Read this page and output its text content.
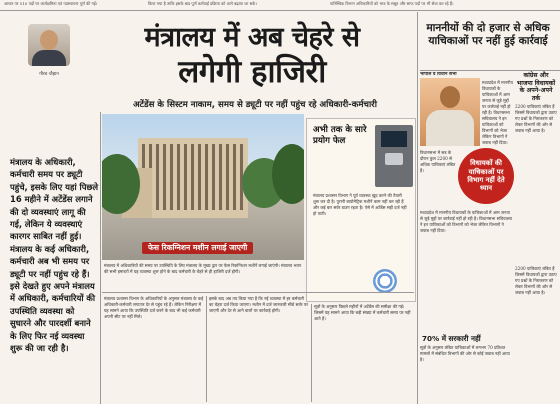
आधार पर 510 पदों पर कार्यक्षमिता एवं पदस्थापना पूर्ण की गई।	किया गया है ताकि इसके बाद पूर्ण कार्रवाई प्रक्रिया को आगे बढ़ाया जा सके।	पारिस्थिक विभाग अधिकारियों को भाव के सबूत और साफ पदों पर भी सेवा कर रहे हैं।
गौरव चौहान
मंत्रालय में अब चेहरे से
लगेगी हाजिरी
अटेंडेंस के सिस्टम नाकाम, समय से ड्यूटी पर नहीं पहुंच रहे अधिकारी-कर्मचारी
मंत्रालय के अधिकारी, कर्मचारी समय पर ड्यूटी पहुंचे, इसके लिए यहां पिछले 16 महीने में अटेंडेंस लगाने की दो व्यवस्थाएं लागू की गई, लेकिन ये व्यवस्थाएं कारगर साबित नहीं हुई। मंत्रालय के कई अधिकारी, कर्मचारी अब भी समय पर ड्यूटी पर नहीं पहुंच रहे हैं। इसे देखते हुए अपने मंत्रालय में अधिकारी, कर्मचारियों की उपस्थिति व्यवस्था को सुधारने और पारदर्शी बनाने के लिए फिर नई व्यवस्था शुरू की जा रही है।
फेस रिकग्निशन मशीन लगाई जाएगी
मंत्रालय में अधिकारियों की समय पर उपस्थिति के लिए मंत्रालय के मुख्य द्वार पर फेस रिकग्निशन मशीनें लगाई जाएंगी। मंत्रालय भवन की सभी इमारतों में यह व्यवस्था शुरू होने के बाद कर्मचारी के चेहरे से ही हाजिरी दर्ज होगी।
अभी तक के सारे प्रयोग फेल
मंत्रालय प्रशासन विभाग ने पूर्व व्यवस्था ख़ुद करने की तैयारी शुरू कर दी है। पुरानी बायोमेट्रिक मशीनें काम नहीं कर रही हैं और कई बार सर्वर डाउन रहता है। ऐसे में अटेंडेंस सही दर्ज नहीं हो पाती।
मंत्रालय प्रशासन विभाग के अधिकारियों के अनुसार मंत्रालय के कई अधिकारी-कर्मचारी लगातार देर से पहुंच रहे हैं। लेकिन निरीक्षण में यह सामने आया कि उपस्थिति दर्ज करने के बाद भी कई कर्मचारी अपनी सीट पर नहीं मिले।
इसके बाद अब तय किया गया है कि नई व्यवस्था में हर कर्मचारी का चेहरा दर्ज किया जाएगा। मशीन में दर्ज जानकारी सीधे सर्वर पर जाएगी और देर से आने वालों पर कार्रवाई होगी।
सूत्रों के अनुसार पिछले महीनों में अटेंडेंस की समीक्षा की गई। जिसमें यह सामने आया कि बड़ी संख्या में कर्मचारी समय पर नहीं आते हैं।
माननीयों की दो हजार से अधिक याचिकाओं पर नहीं हुई कार्रवाई
भोपाल व विधान सभा
मध्यप्रदेश में माननीय विधायकों के याचिकाओं में आम जनता से जुड़े मुद्दों पर कार्रवाई नहीं हो रही है। विधानसभा सचिवालय ने इन याचिकाओं को विभागों को भेजा लेकिन विभागों ने जवाब नहीं दिया।
कांग्रेस और भाजपा विधायकों के अपने-अपने तर्क
2200 याचिकाएं लंबित हैं जिसमें विधायकों द्वारा उठाए गए प्रश्नों के निराकरण को लेकर विभागों की ओर से जवाब नहीं आया है।
विधायकों की याचिकाओं पर विभाग नहीं देते ध्यान
विधानसभा में सत्र के दौरान कुल 2200 से अधिक याचिकाएं लंबित हैं।
मध्यप्रदेश में माननीय विधायकों के याचिकाओं में आम जनता से जुड़े मुद्दों पर कार्रवाई नहीं हो रही है। विधानसभा सचिवालय ने इन याचिकाओं को विभागों को भेजा लेकिन विभागों ने जवाब नहीं दिया।
70% में सरकारी नहीं
सूत्रों के अनुसार लंबित याचिकाओं में लगभग 70 प्रतिशत मामलों में संबंधित विभागों की ओर से कोई जवाब नहीं आया है।
2200 याचिकाएं लंबित हैं जिसमें विधायकों द्वारा उठाए गए प्रश्नों के निराकरण को लेकर विभागों की ओर से जवाब नहीं आया है।
